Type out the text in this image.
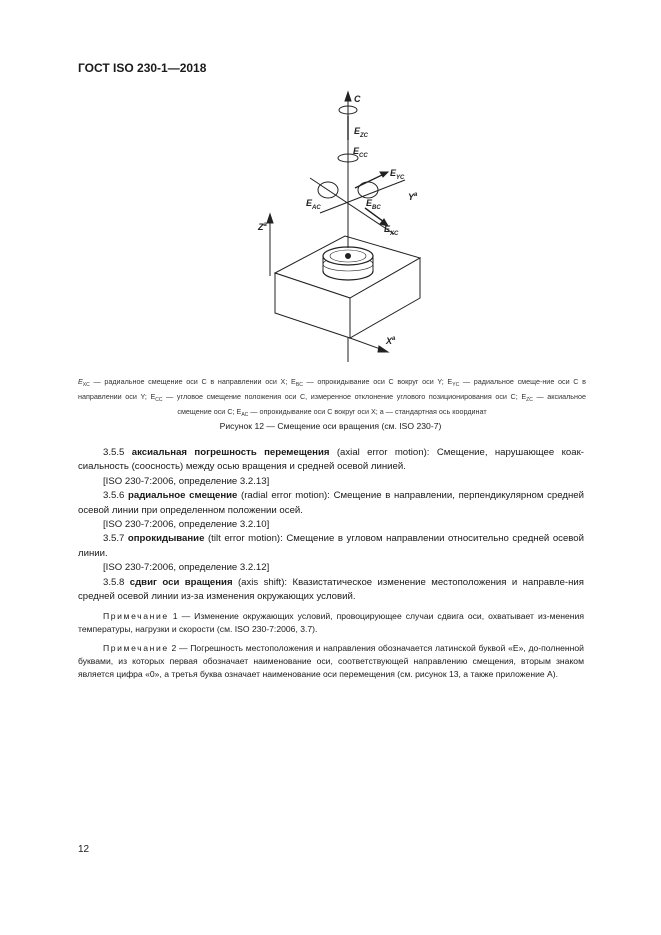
ГОСТ ISO 230-1—2018
C
$E_{ZC}$
$E_{CC}$
$E_{YC}$
$E_{AC}$	$E_{BC}$
$Y^a$
$E_{XC}$
$Z^a$
$X^a$
$E_{XC}$ — радиальное смещение оси C в направлении оси X; $E_{BC}$ — опрокидывание оси C вокруг оси Y; $E_{YC}$ — радиальное смеще-ние оси C в направлении оси Y; $E_{CC}$ — угловое смещение положения оси C, измеренное отклонение углового позиционирования оси C; $E_{ZC}$ — аксиальное смещение оси C; $E_{AC}$ — опрокидывание оси C вокруг оси X; a — стандартная ось координат
Рисунок 12 — Смещение оси вращения (см. ISO 230-7)

3.5.5 аксиальная погрешность перемещения (axial error motion): Смещение, нарушающее коак-сиальность (соосность) между осью вращения и средней осевой линией.

[ISO 230-7:2006, определение 3.2.13]

3.5.6 радиальное смещение (radial error motion): Смещение в направлении, перпендикулярном средней осевой линии при определенном положении осей.

[ISO 230-7:2006, определение 3.2.10]

3.5.7 опрокидывание (tilt error motion): Смещение в угловом направлении относительно средней осевой линии.

[ISO 230-7:2006, определение 3.2.12]

3.5.8 сдвиг оси вращения (axis shift): Квазистатическое изменение местоположения и направле-ния средней осевой линии из-за изменения окружающих условий.

Примечание 1 — Изменение окружающих условий, провоцирующее случаи сдвига оси, охватывает из-менения температуры, нагрузки и скорости (см. ISO 230-7:2006, 3.7).

Примечание 2 — Погрешность местоположения и направления обозначается латинской буквой «E», до-полненной буквами, из которых первая обозначает наименование оси, соответствующей направлению смещения, вторым знаком является цифра «0», а третья буква означает наименование оси перемещения (см. рисунок 13, а также приложение А).

12
